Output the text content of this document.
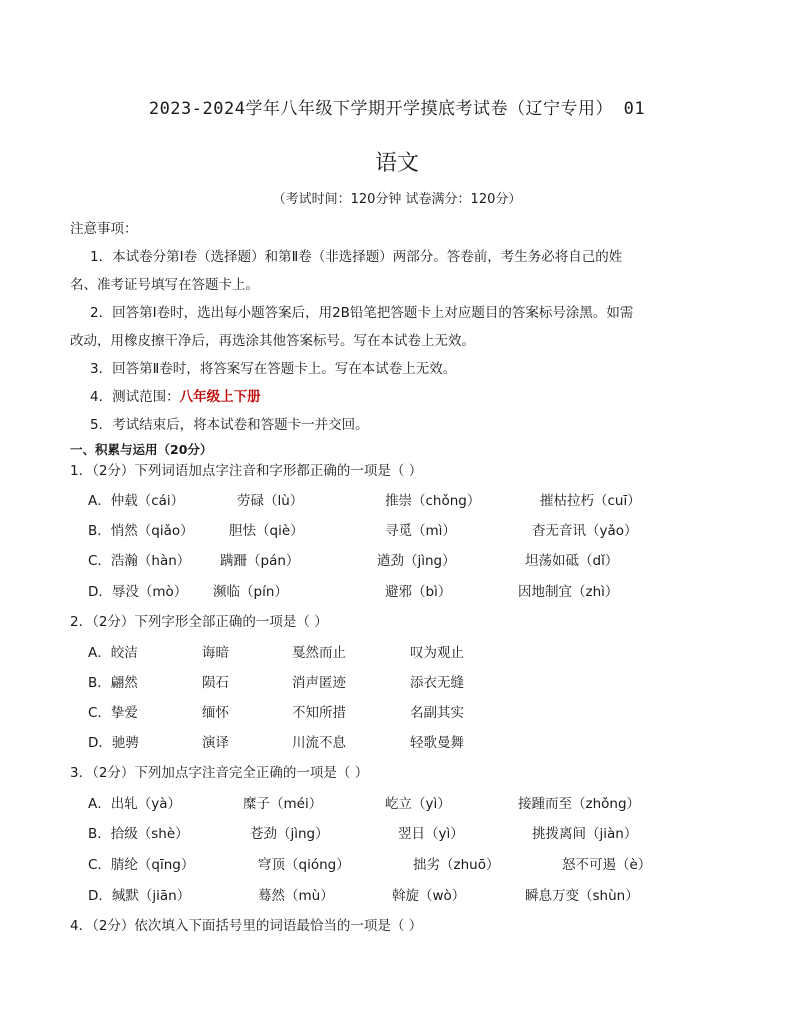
2023-2024学年八年级下学期开学摸底考试卷（辽宁专用） 01
语文
（考试时间：120分钟 试卷满分：120分）
注意事项：
1．本试卷分第Ⅰ卷（选择题）和第Ⅱ卷（非选择题）两部分。答卷前，考生务必将自己的姓
名、准考证号填写在答题卡上。
2．回答第Ⅰ卷时，选出每小题答案后，用2B铅笔把答题卡上对应题目的答案标号涂黑。如需
改动，用橡皮擦干净后，再选涂其他答案标号。写在本试卷上无效。
3．回答第Ⅱ卷时，将答案写在答题卡上。写在本试卷上无效。
4．测试范围：八年级上下册
5．考试结束后，将本试卷和答题卡一并交回。
一、积累与运用（20分）
1．（2分）下列词语加点字注音和字形都正确的一项是（ ）
A．仲载（cái）	劳碌（lù）	推崇（chǒng）	摧枯拉朽（cuī）
B．悄然（qiǎo）	胆怯（qiè）	寻觅（mì）	杳无音讯（yǎo）
C．浩瀚（hàn） 蹒跚（pán）	遒劲（jìng）	坦荡如砥（dǐ）
D．辱没（mò） 濒临（pín）	避邪（bì）	因地制宜（zhì）
2．（2分）下列字形全部正确的一项是（ ）
A．皎洁	诲暗	戛然而止	叹为观止
B．翩然	陨石	消声匿迹	添衣无缝
C．挚爱	缅怀	不知所措	名副其实
D．驰骋	演译	川流不息	轻歌曼舞
3．（2分）下列加点字注音完全正确的一项是（ ）
A．出轧（yà）	糜子（méi）	屹立（yì）	接踵而至（zhǒng）
B．拾级（shè）	苍劲（jìng）	翌日（yì）	挑拨离间（jiàn）
C．腈纶（qīng）	穹顶（qióng）	拙劣（zhuō）	怒不可遏（è）
D．缄默（jiān）	蓦然（mù）	斡旋（wò）	瞬息万变（shùn）
4．（2分）依次填入下面括号里的词语最恰当的一项是（ ）
